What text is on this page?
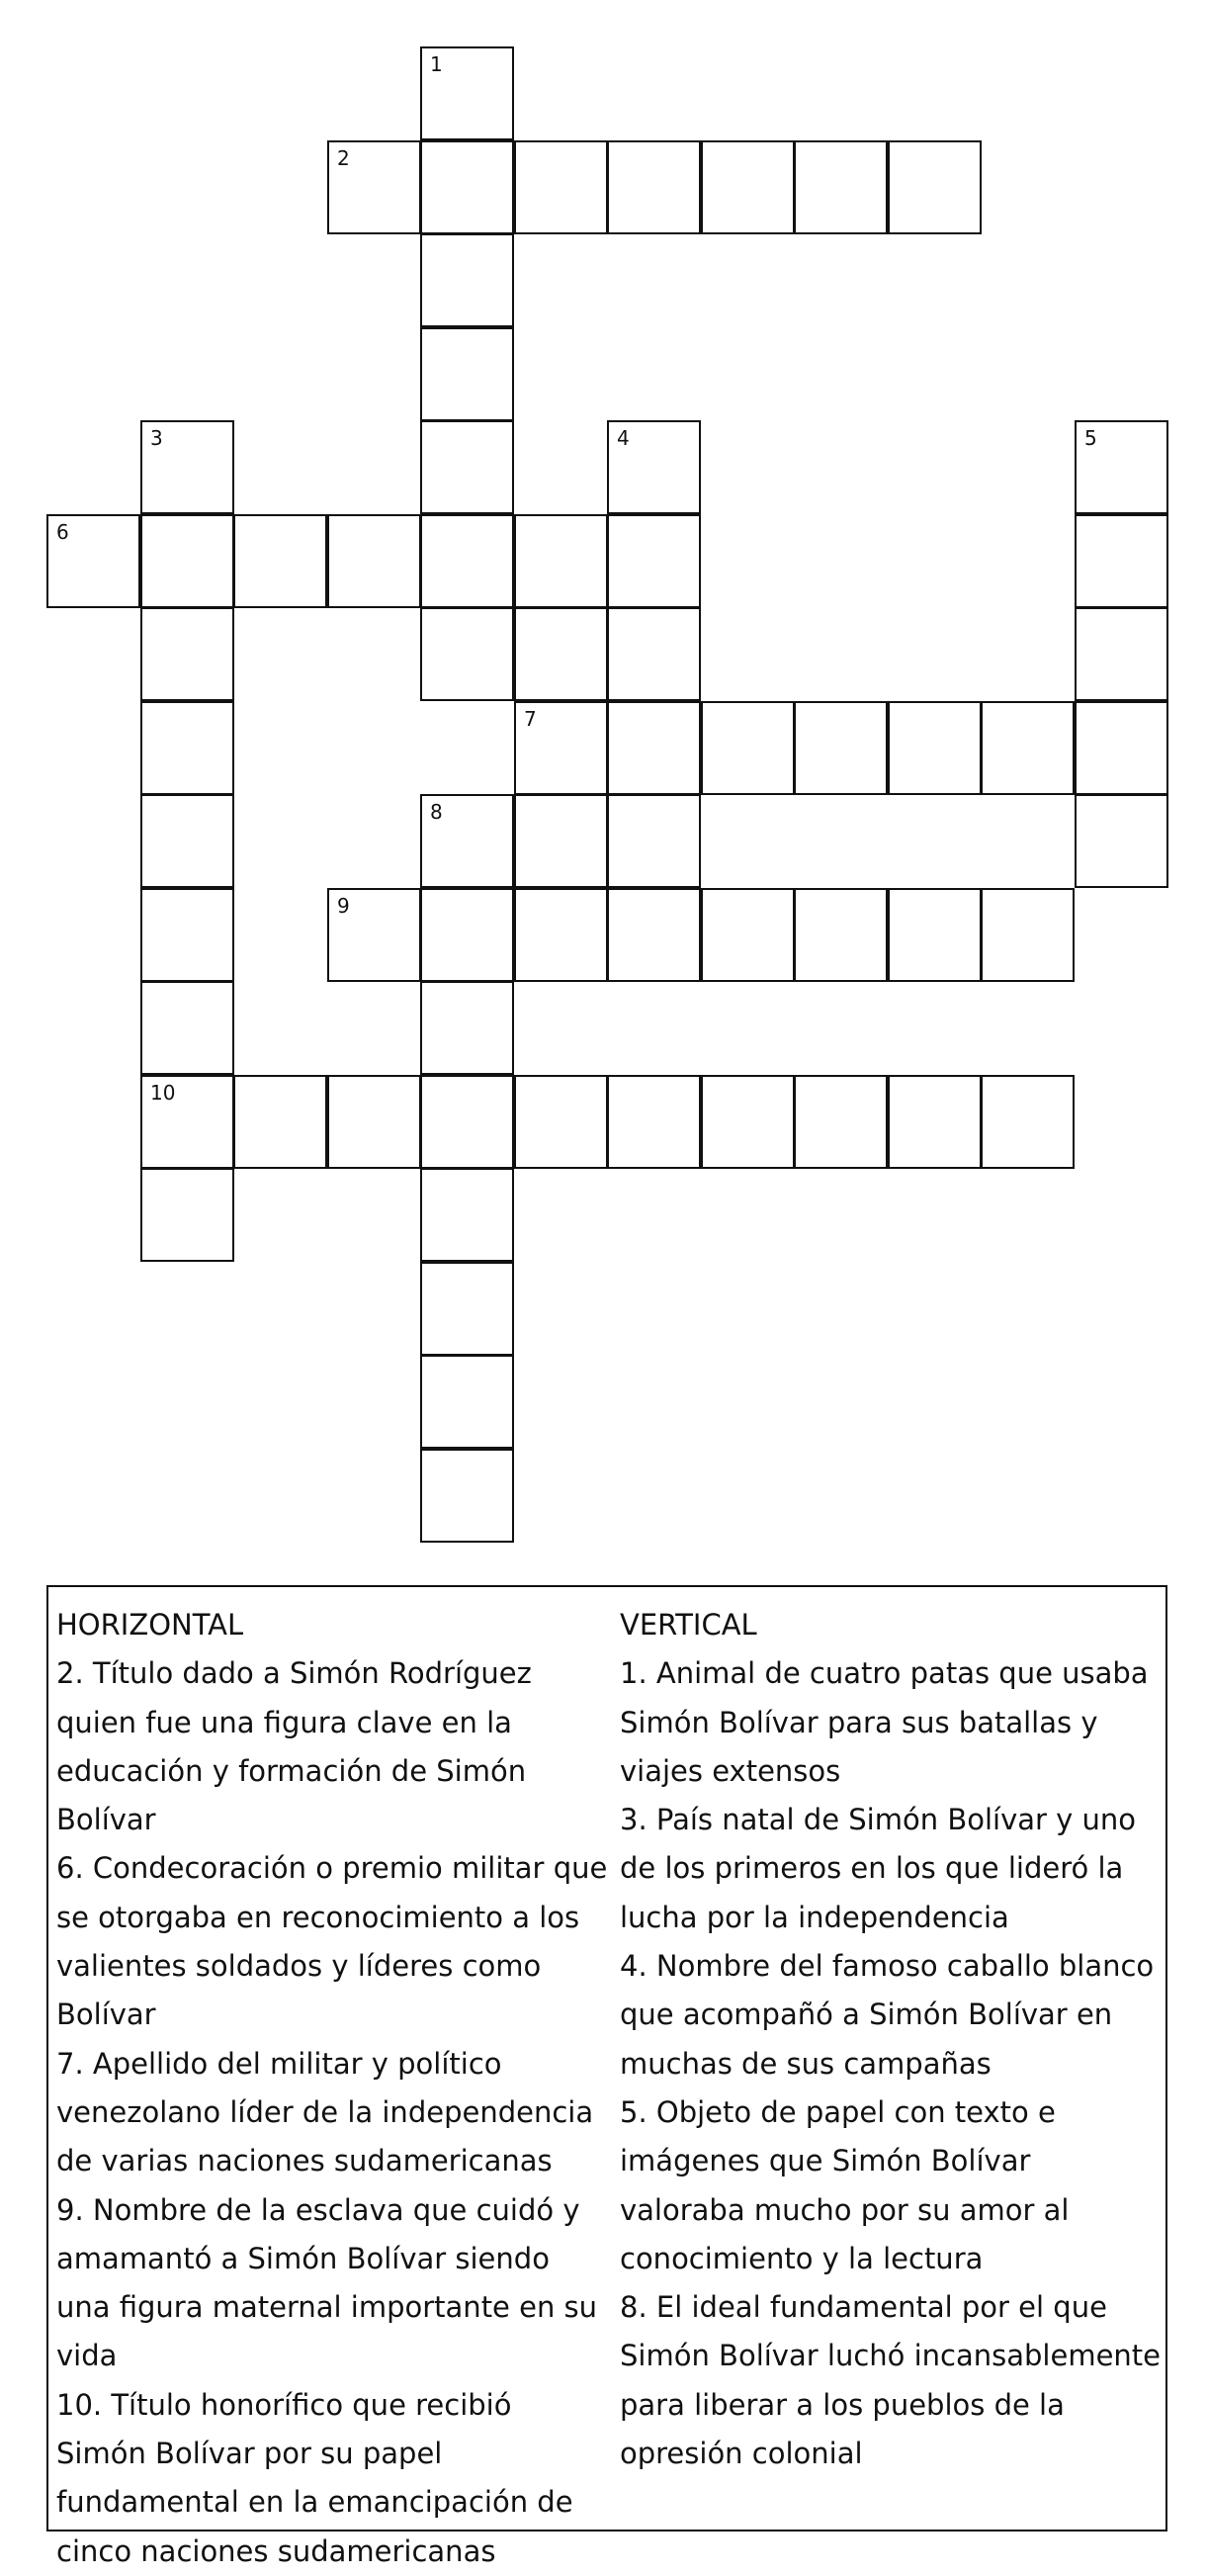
1
2
3	4	5
6
7
8
9
10
HORIZONTAL
2. Título dado a Simón Rodríguez quien fue una figura clave en la educación y formación de Simón Bolívar
6. Condecoración o premio militar que se otorgaba en reconocimiento a los valientes soldados y líderes como Bolívar
7. Apellido del militar y político venezolano líder de la independencia de varias naciones sudamericanas
9. Nombre de la esclava que cuidó y amamantó a Simón Bolívar siendo una figura maternal importante en su vida
10. Título honorífico que recibió Simón Bolívar por su papel fundamental en la emancipación de cinco naciones sudamericanas
VERTICAL
1. Animal de cuatro patas que usaba Simón Bolívar para sus batallas y viajes extensos
3. País natal de Simón Bolívar y uno de los primeros en los que lideró la lucha por la independencia
4. Nombre del famoso caballo blanco que acompañó a Simón Bolívar en muchas de sus campañas
5. Objeto de papel con texto e imágenes que Simón Bolívar valoraba mucho por su amor al conocimiento y la lectura
8. El ideal fundamental por el que Simón Bolívar luchó incansablemente para liberar a los pueblos de la opresión colonial
